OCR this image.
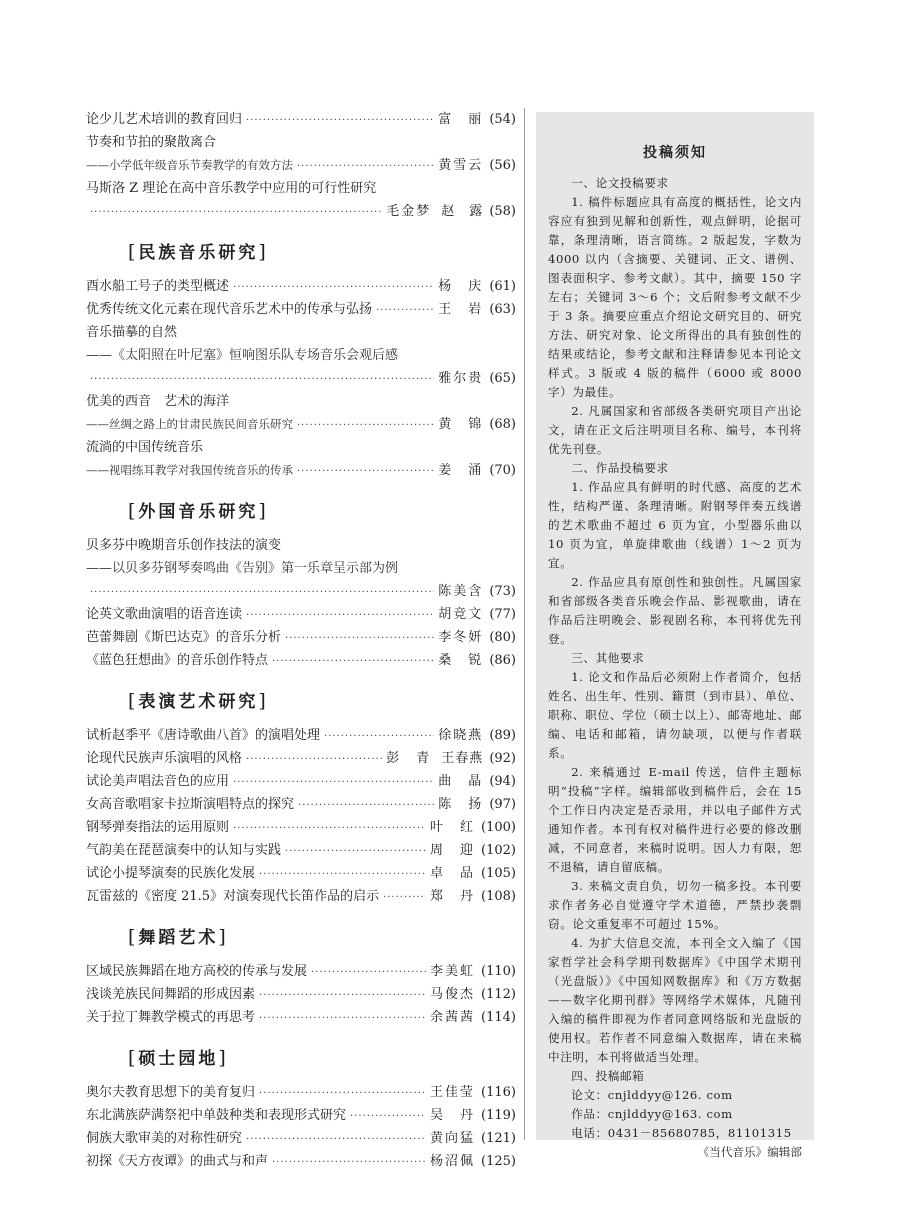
论少儿艺术培训的教育回归 ·····	富　丽 (54)
节奏和节拍的聚散离合
——小学低年级音乐节奏教学的有效方法 ·····	黄雪云 (56)
马斯洛 Z 理论在高中音乐教学中应用的可行性研究
·····
毛金梦 赵　露 (58)
[民族音乐研究]
酉水船工号子的类型概述 ·····	杨　庆 (61)
优秀传统文化元素在现代音乐艺术中的传承与弘扬 ·····	王　岩 (63)
音乐描摹的自然
——《太阳照在叶尼塞》恒响图乐队专场音乐会观后感
·····
雅尔贵 (65)
优美的西音　艺术的海洋
——丝绸之路上的甘肃民族民间音乐研究 ·····	黄　锦 (68)
流淌的中国传统音乐
——视唱练耳教学对我国传统音乐的传承 ·····	姜　涌 (70)
[外国音乐研究]
贝多芬中晚期音乐创作技法的演变
——以贝多芬钢琴奏鸣曲《告别》第一乐章呈示部为例
·····
陈美含 (73)
论英文歌曲演唱的语音连读 ·····	胡竞文 (77)
芭蕾舞剧《斯巴达克》的音乐分析 ·····	李冬妍 (80)
《蓝色狂想曲》的音乐创作特点 ·····	桑　锐 (86)
[表演艺术研究]
试析赵季平《唐诗歌曲八首》的演唱处理 ·····	徐晓燕 (89)
论现代民族声乐演唱的风格 ·····	彭　青 王春燕 (92)
试论美声唱法音色的应用 ·····	曲　晶 (94)
女高音歌唱家卡拉斯演唱特点的探究 ·····	陈　扬 (97)
钢琴弹奏指法的运用原则 ·····	叶　红 (100)
气韵美在琵琶演奏中的认知与实践 ·····	周　迎 (102)
试论小提琴演奏的民族化发展 ·····	卓　品 (105)
瓦雷兹的《密度 21.5》对演奏现代长笛作品的启示 ·····	郑　丹 (108)
[舞蹈艺术]
区域民族舞蹈在地方高校的传承与发展 ·····	李美虹 (110)
浅谈羌族民间舞蹈的形成因素 ·····	马俊杰 (112)
关于拉丁舞教学模式的再思考 ·····	余茜茜 (114)
[硕士园地]
奥尔夫教育思想下的美育复归 ·····	王佳莹 (116)
东北满族萨满祭祀中单鼓种类和表现形式研究 ·····	吴　丹 (119)
侗族大歌审美的对称性研究 ·····	黄向猛 (121)
初探《天方夜谭》的曲式与和声 ·····	杨沼佩 (125)
投稿须知

一、论文投稿要求

1. 稿件标题应具有高度的概括性，论文内容应有独到见解和创新性，观点鲜明，论据可靠，条理清晰，语言简练。2 版起发，字数为 4000 以内（含摘要、关键词、正文、谱例、图表面积字、参考文献）。其中，摘要 150 字左右；关键词 3～6 个；文后附参考文献不少于 3 条。摘要应重点介绍论文研究目的、研究方法、研究对象、论文所得出的具有独创性的结果或结论，参考文献和注释请参见本刊论文样式。3 版或 4 版的稿件（6000 或 8000 字）为最佳。

2. 凡属国家和省部级各类研究项目产出论文，请在正文后注明项目名称、编号，本刊将优先刊登。

二、作品投稿要求

1. 作品应具有鲜明的时代感、高度的艺术性，结构严谨、条理清晰。附钢琴伴奏五线谱的艺术歌曲不超过 6 页为宜，小型器乐曲以 10 页为宜，单旋律歌曲（线谱）1～2 页为宜。

2. 作品应具有原创性和独创性。凡属国家和省部级各类音乐晚会作品、影视歌曲，请在作品后注明晚会、影视剧名称，本刊将优先刊登。

三、其他要求

1. 论文和作品后必须附上作者简介，包括姓名、出生年、性别、籍贯（到市县）、单位、职称、职位、学位（硕士以上）、邮寄地址、邮编、电话和邮箱，请勿缺项，以便与作者联系。

2. 来稿通过 E-mail 传送，信件主题标明“投稿”字样。编辑部收到稿件后，会在 15 个工作日内决定是否录用，并以电子邮件方式通知作者。本刊有权对稿件进行必要的修改删减，不同意者，来稿时说明。因人力有限，恕不退稿，请自留底稿。

3. 来稿文责自负，切勿一稿多投。本刊要求作者务必自觉遵守学术道德，严禁抄袭剽窃。论文重复率不可超过 15%。

4. 为扩大信息交流，本刊全文入编了《国家哲学社会科学期刊数据库》《中国学术期刊（光盘版）》《中国知网数据库》和《万方数据——数字化期刊群》等网络学术媒体，凡随刊入编的稿件即视为作者同意网络版和光盘版的使用权。若作者不同意编入数据库，请在来稿中注明，本刊将做适当处理。

四、投稿邮箱

论文：cnjlddyy@126. com

作品：cnjlddyy@163. com

电话：0431－85680785，81101315

《当代音乐》编辑部
